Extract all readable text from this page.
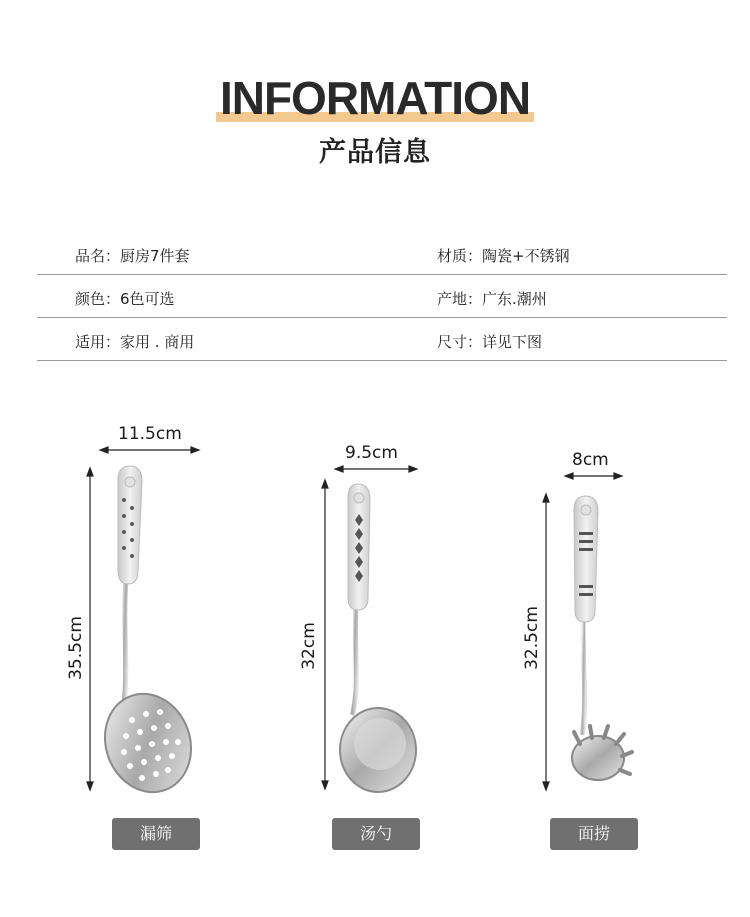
INFORMATION
产品信息
品名：厨房7件套	材质：陶瓷+不锈钢
颜色：6色可选	产地：广东.潮州
适用：家用 . 商用	尺寸：详见下图
11.5cm
35.5cm
漏筛
9.5cm
32cm
汤勺
8cm
32.5cm
面捞
